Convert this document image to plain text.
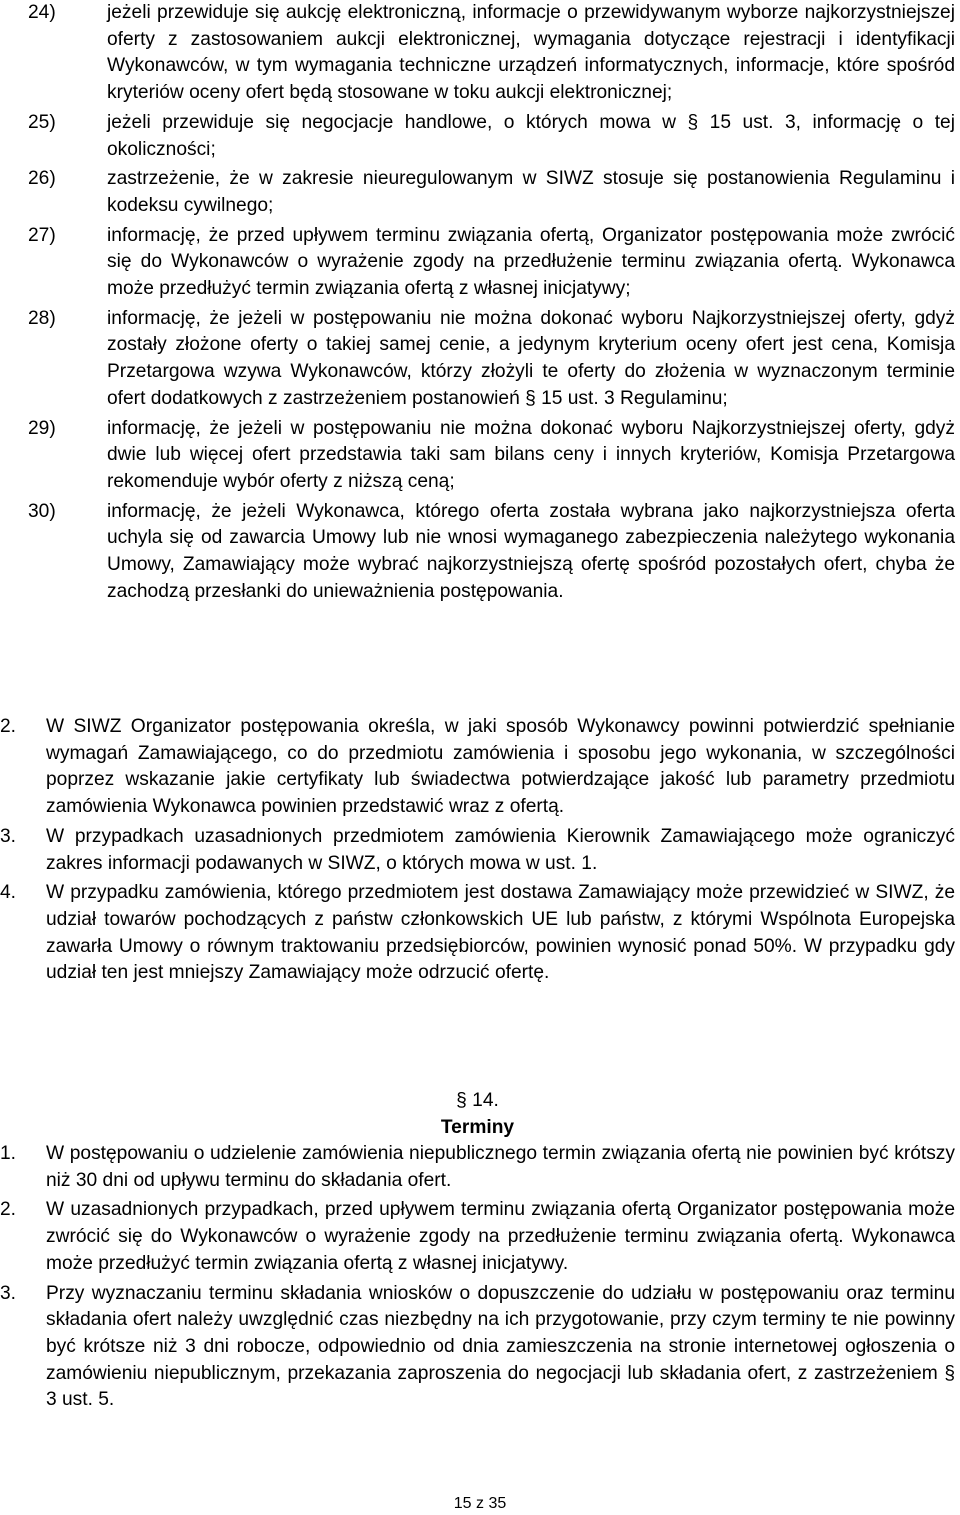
24)	jeżeli przewiduje się aukcję elektroniczną, informacje o przewidywanym wyborze najkorzystniejszej oferty z zastosowaniem aukcji elektronicznej, wymagania dotyczące rejestracji i identyfikacji Wykonawców, w tym wymagania techniczne urządzeń informatycznych, informacje, które spośród kryteriów oceny ofert będą stosowane w toku aukcji elektronicznej;
25)	jeżeli przewiduje się negocjacje handlowe, o których mowa w § 15 ust. 3, informację o tej okoliczności;
26)	zastrzeżenie, że w zakresie nieuregulowanym w SIWZ stosuje się postanowienia Regulaminu i kodeksu cywilnego;
27)	informację, że przed upływem terminu związania ofertą, Organizator postępowania może zwrócić się do Wykonawców o wyrażenie zgody na przedłużenie terminu związania ofertą. Wykonawca może przedłużyć termin związania ofertą z własnej inicjatywy;
28)	informację, że jeżeli w postępowaniu nie można dokonać wyboru Najkorzystniejszej oferty, gdyż zostały złożone oferty o takiej samej cenie, a jedynym kryterium oceny ofert jest cena, Komisja Przetargowa wzywa Wykonawców, którzy złożyli te oferty do złożenia w wyznaczonym terminie ofert dodatkowych z zastrzeżeniem postanowień § 15 ust. 3 Regulaminu;
29)	informację, że jeżeli w postępowaniu nie można dokonać wyboru Najkorzystniejszej oferty, gdyż dwie lub więcej ofert przedstawia taki sam bilans ceny i innych kryteriów, Komisja Przetargowa rekomenduje wybór oferty z niższą ceną;
30)	informację, że jeżeli Wykonawca, którego oferta została wybrana jako najkorzystniejsza oferta uchyla się od zawarcia Umowy lub nie wnosi wymaganego zabezpieczenia należytego wykonania Umowy, Zamawiający może wybrać najkorzystniejszą ofertę spośród pozostałych ofert, chyba że zachodzą przesłanki do unieważnienia postępowania.
2.	W SIWZ Organizator postępowania określa, w jaki sposób Wykonawcy powinni potwierdzić spełnianie wymagań Zamawiającego, co do przedmiotu zamówienia i sposobu jego wykonania, w szczególności poprzez wskazanie jakie certyfikaty lub świadectwa potwierdzające jakość lub parametry przedmiotu zamówienia Wykonawca powinien przedstawić wraz z ofertą.
3.	W przypadkach uzasadnionych przedmiotem zamówienia Kierownik Zamawiającego może ograniczyć zakres informacji podawanych w SIWZ, o których mowa w ust. 1.
4.	W przypadku zamówienia, którego przedmiotem jest dostawa Zamawiający może przewidzieć w SIWZ, że udział towarów pochodzących z państw członkowskich UE lub państw, z którymi Wspólnota Europejska zawarła Umowy o równym traktowaniu przedsiębiorców, powinien wynosić ponad 50%. W przypadku gdy udział ten jest mniejszy Zamawiający może odrzucić ofertę.
§ 14.
Terminy
1.	W postępowaniu o udzielenie zamówienia niepublicznego termin związania ofertą nie powinien być krótszy niż 30 dni od upływu terminu do składania ofert.
2.	W uzasadnionych przypadkach, przed upływem terminu związania ofertą Organizator postępowania może zwrócić się do Wykonawców o wyrażenie zgody na przedłużenie terminu związania ofertą. Wykonawca może przedłużyć termin związania ofertą z własnej inicjatywy.
3.	Przy wyznaczaniu terminu składania wniosków o dopuszczenie do udziału w postępowaniu oraz terminu składania ofert należy uwzględnić czas niezbędny na ich przygotowanie, przy czym terminy te nie powinny być krótsze niż 3 dni robocze, odpowiednio od dnia zamieszczenia na stronie internetowej ogłoszenia o zamówieniu niepublicznym, przekazania zaproszenia do negocjacji lub składania ofert, z zastrzeżeniem § 3 ust. 5.
15 z 35
